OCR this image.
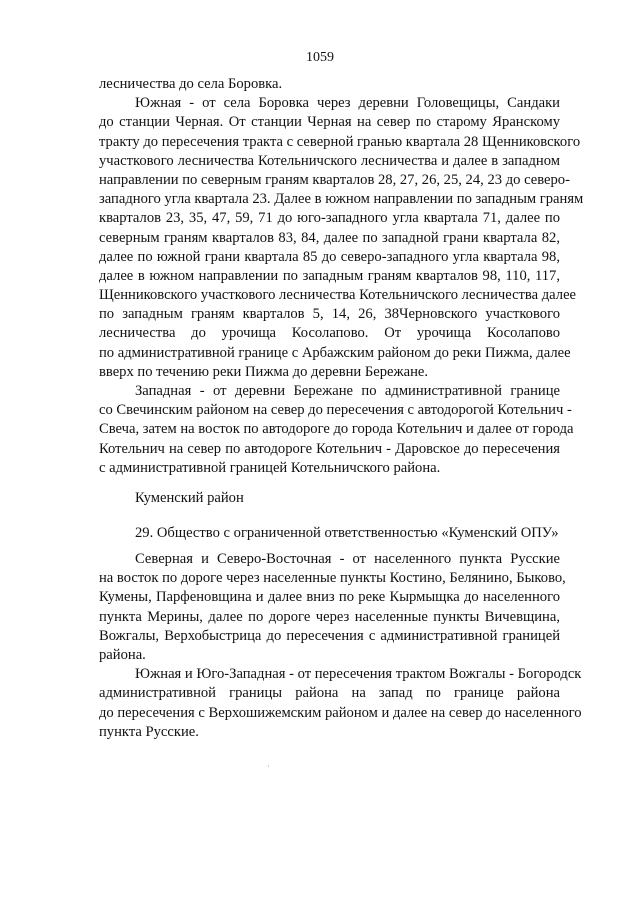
1059
лесничества до села Боровка.
Южная - от села Боровка через деревни Головещицы, Сандаки
до станции Черная. От станции Черная на север по старому Яранскому
тракту до пересечения тракта с северной гранью квартала 28 Щенниковского
участкового лесничества Котельничского лесничества и далее в западном
направлении по северным граням кварталов 28, 27, 26, 25, 24, 23 до северо-
западного угла квартала 23. Далее в южном направлении по западным граням
кварталов 23, 35, 47, 59, 71 до юго-западного угла квартала 71, далее по
северным граням кварталов 83, 84, далее по западной грани квартала 82,
далее по южной грани квартала 85 до северо-западного угла квартала 98,
далее в южном направлении по западным граням кварталов 98, 110, 117,
Щенниковского участкового лесничества Котельничского лесничества далее
по западным граням кварталов 5, 14, 26, 38Черновского участкового
лесничества до урочища Косолапово. От урочища Косолапово
по административной границе с Арбажским районом до реки Пижма, далее
вверх по течению реки Пижма до деревни Бережане.
Западная - от деревни Бережане по административной границе
со Свечинским районом на север до пересечения с автодорогой Котельнич -
Свеча, затем на восток по автодороге до города Котельнич и далее от города
Котельнич на север по автодороге Котельнич - Даровское до пересечения
с административной границей Котельничского района.
Куменский район
29. Общество с ограниченной ответственностью «Куменский ОПУ»
Северная и Северо-Восточная - от населенного пункта Русские
на восток по дороге через населенные пункты Костино, Белянино, Быково,
Кумены, Парфеновщина и далее вниз по реке Кырмыщка до населенного
пункта Мерины, далее по дороге через населенные пункты Вичевщина,
Вожгалы, Верхобыстрица до пересечения с административной границей
района.
Южная и Юго-Западная - от пересечения трактом Вожгалы - Богородск
административной границы района на запад по границе района
до пересечения с Верхошижемским районом и далее на север до населенного
пункта Русские.
·
